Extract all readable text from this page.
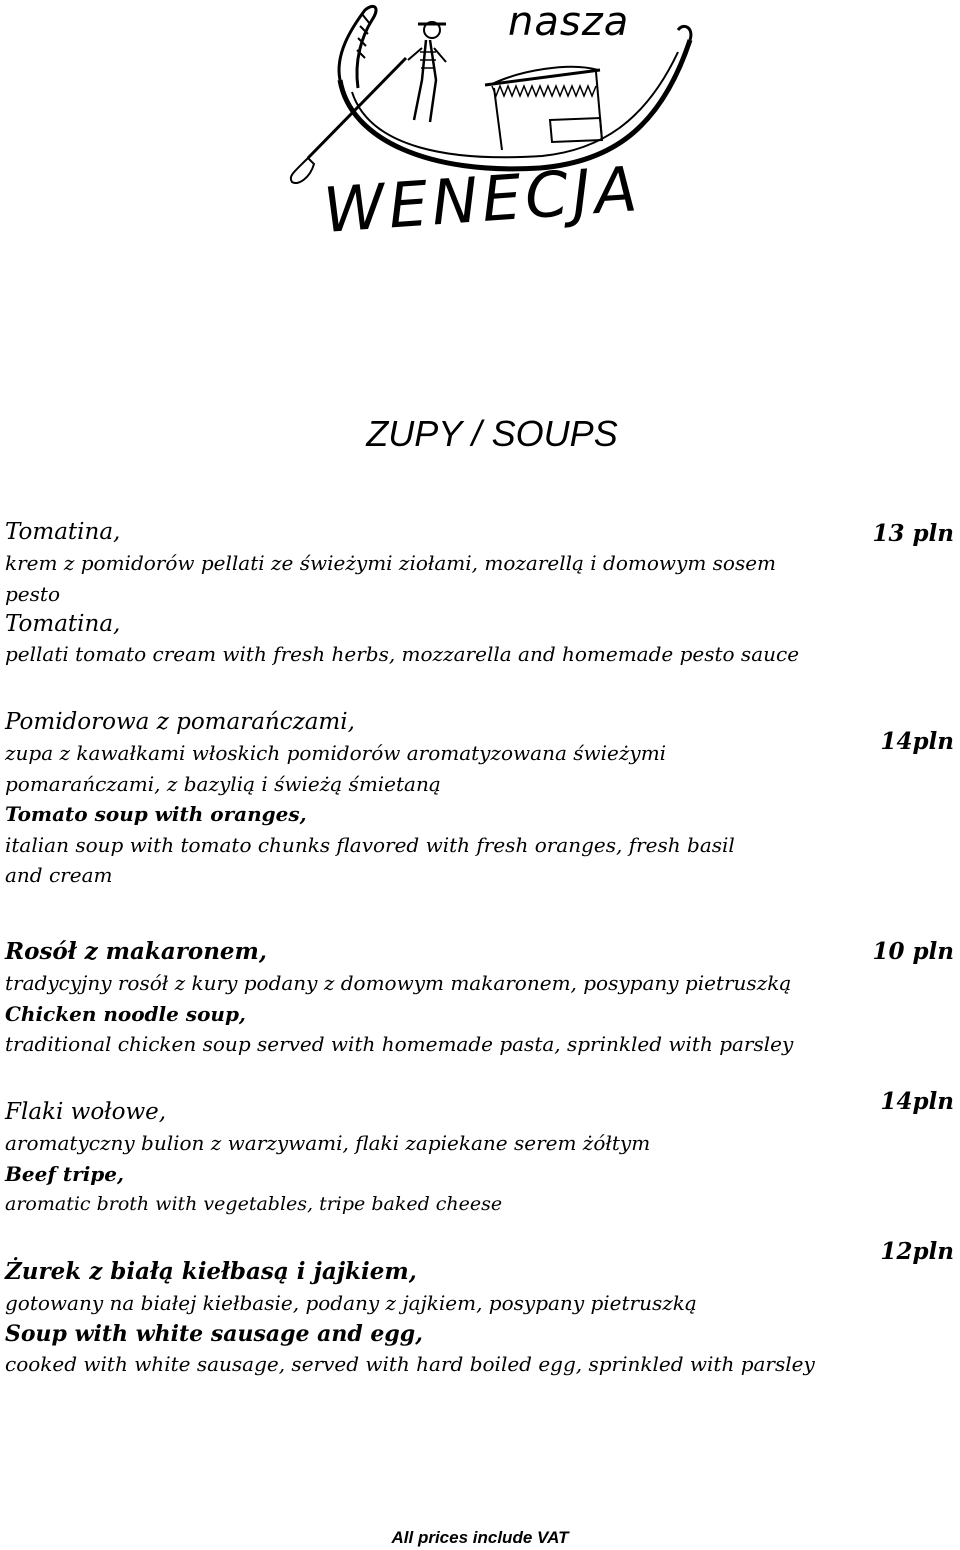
nasza
WENECJA
ZUPY / SOUPS
Tomatina,
krem z pomidorów pellati ze świeżymi ziołami, mozarellą i domowym sosem
pesto
Tomatina,
pellati tomato cream with fresh herbs, mozzarella and homemade pesto sauce
13 pln
Pomidorowa z pomarańczami,
zupa z kawałkami włoskich pomidorów aromatyzowana świeżymi
pomarańczami, z bazylią i świeżą śmietaną
Tomato soup with oranges,
italian soup with tomato chunks flavored with fresh oranges, fresh basil
and cream
14pln
Rosół z makaronem,
tradycyjny rosół z kury podany z domowym makaronem, posypany pietruszką
Chicken noodle soup,
traditional chicken soup served with homemade pasta, sprinkled with parsley
10 pln
Flaki wołowe,
aromatyczny bulion z warzywami, flaki zapiekane serem żółtym
Beef tripe,
aromatic broth with vegetables, tripe baked cheese
14pln
Żurek z białą kiełbasą i jajkiem,
gotowany na białej kiełbasie, podany z jajkiem, posypany pietruszką
Soup with white sausage and egg,
cooked with white sausage, served with hard boiled egg, sprinkled with parsley
12pln
All prices include VAT
